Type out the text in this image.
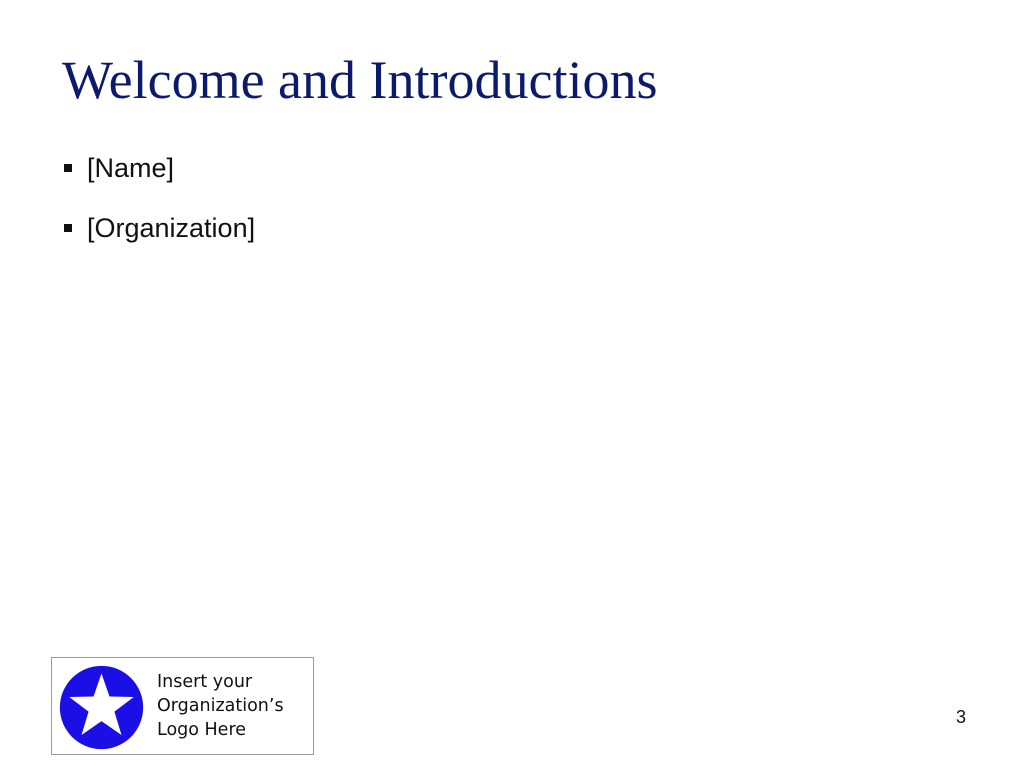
Welcome and Introductions
[Name]
[Organization]
Insert your
Organization’s
Logo Here
3
